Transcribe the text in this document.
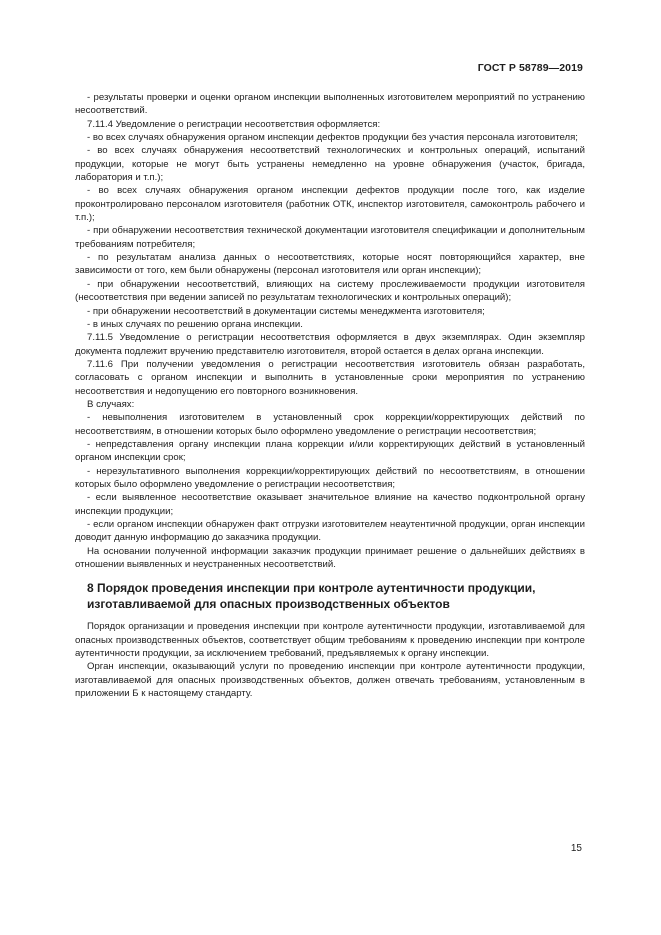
ГОСТ Р 58789—2019

- результаты проверки и оценки органом инспекции выполненных изготовителем мероприятий по устранению несоответствий.

7.11.4 Уведомление о регистрации несоответствия оформляется:

- во всех случаях обнаружения органом инспекции дефектов продукции без участия персонала изготовителя;

- во всех случаях обнаружения несоответствий технологических и контрольных операций, испытаний продукции, которые не могут быть устранены немедленно на уровне обнаружения (участок, бригада, лаборатория и т.п.);

- во всех случаях обнаружения органом инспекции дефектов продукции после того, как изделие проконтролировано персоналом изготовителя (работник ОТК, инспектор изготовителя, самоконтроль рабочего и т.п.);

- при обнаружении несоответствия технической документации изготовителя спецификации и дополнительным требованиям потребителя;

- по результатам анализа данных о несоответствиях, которые носят повторяющийся характер, вне зависимости от того, кем были обнаружены (персонал изготовителя или орган инспекции);

- при обнаружении несоответствий, влияющих на систему прослеживаемости продукции изготовителя (несоответствия при ведении записей по результатам технологических и контрольных операций);

- при обнаружении несоответствий в документации системы менеджмента изготовителя;

- в иных случаях по решению органа инспекции.

7.11.5 Уведомление о регистрации несоответствия оформляется в двух экземплярах. Один экземпляр документа подлежит вручению представителю изготовителя, второй остается в делах органа инспекции.

7.11.6 При получении уведомления о регистрации несоответствия изготовитель обязан разработать, согласовать с органом инспекции и выполнить в установленные сроки мероприятия по устранению несоответствия и недопущению его повторного возникновения.

В случаях:

- невыполнения изготовителем в установленный срок коррекции/корректирующих действий по несоответствиям, в отношении которых было оформлено уведомление о регистрации несоответствия;

- непредставления органу инспекции плана коррекции и/или корректирующих действий в установленный органом инспекции срок;

- нерезультативного выполнения коррекции/корректирующих действий по несоответствиям, в отношении которых было оформлено уведомление о регистрации несоответствия;

- если выявленное несоответствие оказывает значительное влияние на качество подконтрольной органу инспекции продукции;

- если органом инспекции обнаружен факт отгрузки изготовителем неаутентичной продукции, орган инспекции доводит данную информацию до заказчика продукции.

На основании полученной информации заказчик продукции принимает решение о дальнейших действиях в отношении выявленных и неустраненных несоответствий.

8 Порядок проведения инспекции при контроле аутентичности продукции, изготавливаемой для опасных производственных объектов

Порядок организации и проведения инспекции при контроле аутентичности продукции, изготавливаемой для опасных производственных объектов, соответствует общим требованиям к проведению инспекции при контроле аутентичности продукции, за исключением требований, предъявляемых к органу инспекции.

Орган инспекции, оказывающий услуги по проведению инспекции при контроле аутентичности продукции, изготавливаемой для опасных производственных объектов, должен отвечать требованиям, установленным в приложении Б к настоящему стандарту.

15
